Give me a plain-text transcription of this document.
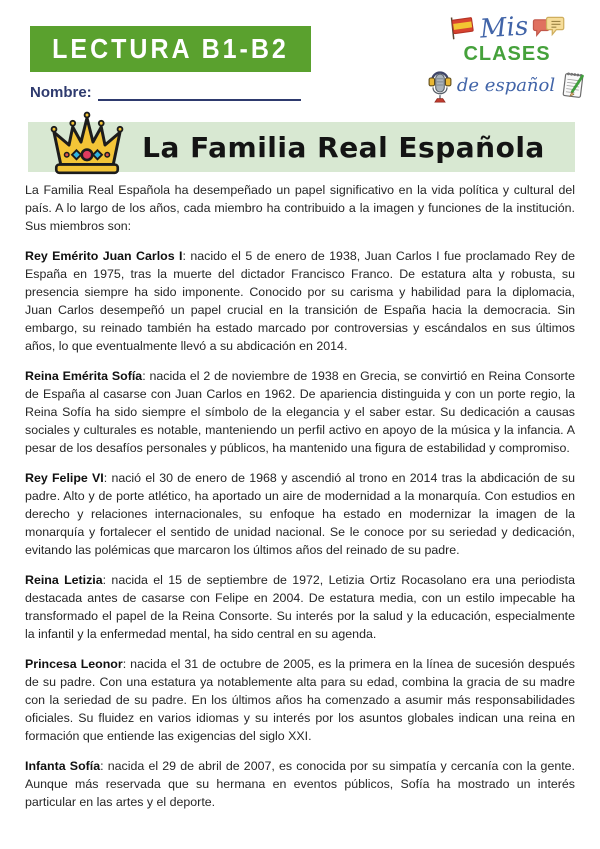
LECTURA B1-B2
Mis
CLASES
de español
Nombre:
La Familia Real Española

La Familia Real Española ha desempeñado un papel significativo en la vida política y cultural del país. A lo largo de los años, cada miembro ha contribuido a la imagen y funciones de la institución. Sus miembros son:

Rey Emérito Juan Carlos I: nacido el 5 de enero de 1938, Juan Carlos I fue proclamado Rey de España en 1975, tras la muerte del dictador Francisco Franco. De estatura alta y robusta, su presencia siempre ha sido imponente. Conocido por su carisma y habilidad para la diplomacia, Juan Carlos desempeñó un papel crucial en la transición de España hacia la democracia. Sin embargo, su reinado también ha estado marcado por controversias y escándalos en sus últimos años, lo que eventualmente llevó a su abdicación en 2014.

Reina Emérita Sofía: nacida el 2 de noviembre de 1938 en Grecia, se convirtió en Reina Consorte de España al casarse con Juan Carlos en 1962. De apariencia distinguida y con un porte regio, la Reina Sofía ha sido siempre el símbolo de la elegancia y el saber estar. Su dedicación a causas sociales y culturales es notable, manteniendo un perfil activo en apoyo de la música y la infancia. A pesar de los desafíos personales y públicos, ha mantenido una figura de estabilidad y compromiso.

Rey Felipe VI: nació el 30 de enero de 1968 y ascendió al trono en 2014 tras la abdicación de su padre. Alto y de porte atlético, ha aportado un aire de modernidad a la monarquía. Con estudios en derecho y relaciones internacionales, su enfoque ha estado en modernizar la imagen de la monarquía y fortalecer el sentido de unidad nacional. Se le conoce por su seriedad y dedicación, evitando las polémicas que marcaron los últimos años del reinado de su padre.

Reina Letizia: nacida el 15 de septiembre de 1972, Letizia Ortiz Rocasolano era una periodista destacada antes de casarse con Felipe en 2004. De estatura media, con un estilo impecable ha transformado el papel de la Reina Consorte. Su interés por la salud y la educación, especialmente la infantil y la enfermedad mental, ha sido central en su agenda.

Princesa Leonor: nacida el 31 de octubre de 2005, es la primera en la línea de sucesión después de su padre. Con una estatura ya notablemente alta para su edad, combina la gracia de su madre con la seriedad de su padre. En los últimos años ha comenzado a asumir más responsabilidades oficiales. Su fluidez en varios idiomas y su interés por los asuntos globales indican una reina en formación que entiende las exigencias del siglo XXI.

Infanta Sofía: nacida el 29 de abril de 2007, es conocida por su simpatía y cercanía con la gente. Aunque más reservada que su hermana en eventos públicos, Sofía ha mostrado un interés particular en las artes y el deporte.
